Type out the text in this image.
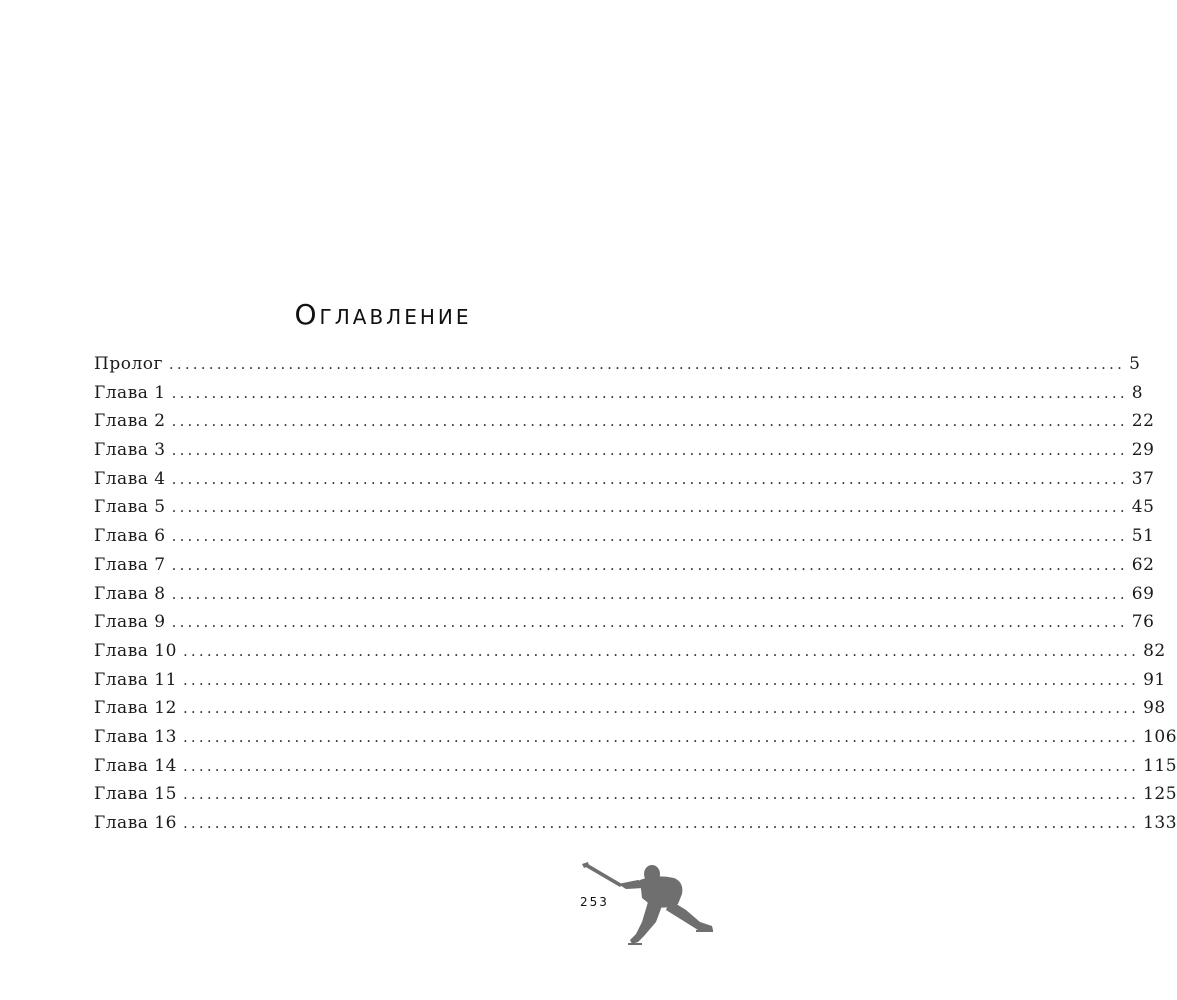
Оглавление
Пролог ........................................................................................................................ 5
Глава 1 ........................................................................................................................ 8
Глава 2 ........................................................................................................................ 22
Глава 3 ........................................................................................................................ 29
Глава 4 ........................................................................................................................ 37
Глава 5 ........................................................................................................................ 45
Глава 6 ........................................................................................................................ 51
Глава 7 ........................................................................................................................ 62
Глава 8 ........................................................................................................................ 69
Глава 9 ........................................................................................................................ 76
Глава 10 ........................................................................................................................ 82
Глава 11 ........................................................................................................................ 91
Глава 12 ........................................................................................................................ 98
Глава 13 ........................................................................................................................ 106
Глава 14 ........................................................................................................................ 115
Глава 15 ........................................................................................................................ 125
Глава 16 ........................................................................................................................ 133
253
